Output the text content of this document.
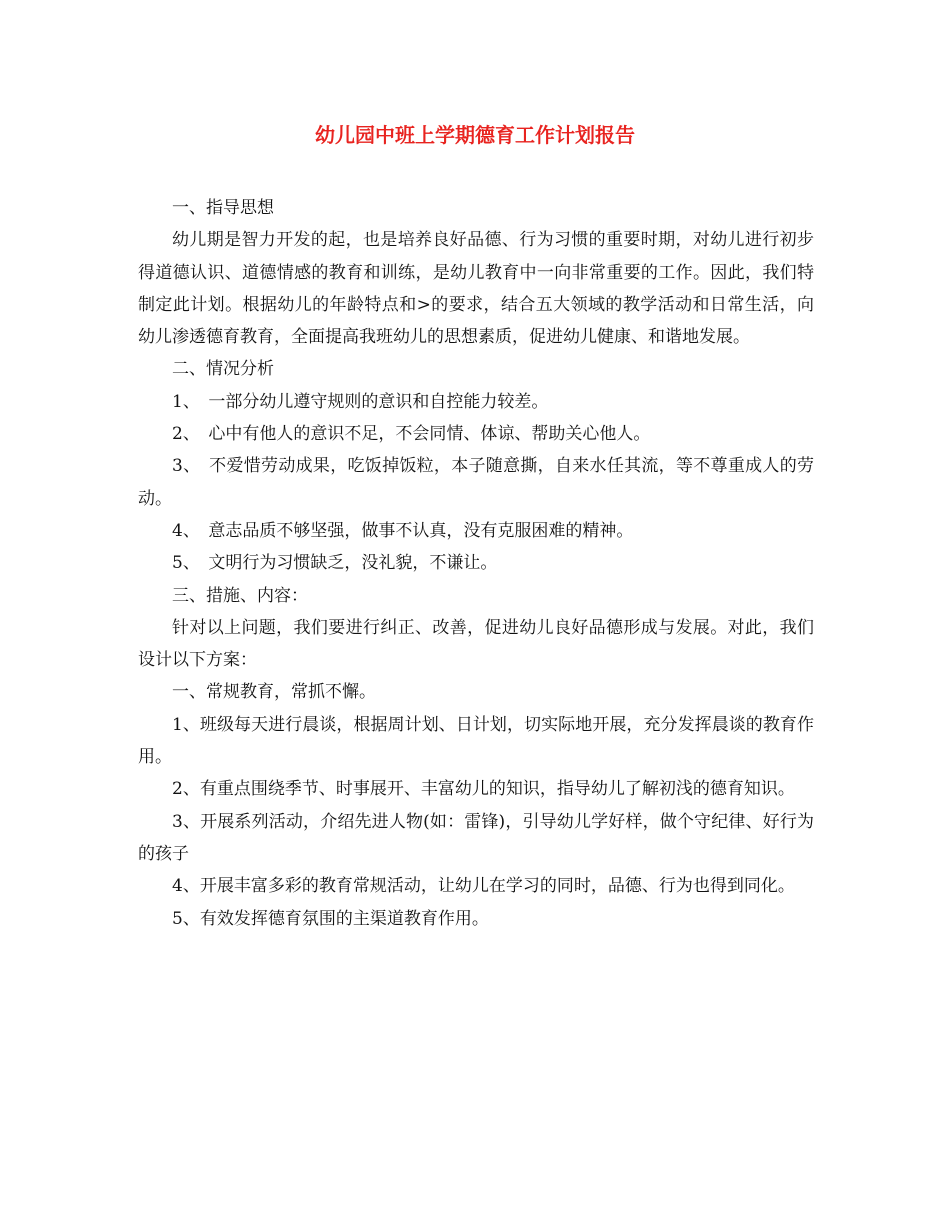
幼儿园中班上学期德育工作计划报告

一、指导思想

幼儿期是智力开发的起，也是培养良好品德、行为习惯的重要时期，对幼儿进行初步得道德认识、道德情感的教育和训练，是幼儿教育中一向非常重要的工作。因此，我们特制定此计划。根据幼儿的年龄特点和>的要求，结合五大领域的教学活动和日常生活，向幼儿渗透德育教育，全面提高我班幼儿的思想素质，促进幼儿健康、和谐地发展。

二、情况分析

1、　一部分幼儿遵守规则的意识和自控能力较差。

2、　心中有他人的意识不足，不会同情、体谅、帮助关心他人。

3、　不爱惜劳动成果，吃饭掉饭粒，本子随意撕，自来水任其流，等不尊重成人的劳动。

4、　意志品质不够坚强，做事不认真，没有克服困难的精神。

5、　文明行为习惯缺乏，没礼貌，不谦让。

三、措施、内容：

针对以上问题，我们要进行纠正、改善，促进幼儿良好品德形成与发展。对此，我们设计以下方案：

一、常规教育，常抓不懈。

1、班级每天进行晨谈，根据周计划、日计划，切实际地开展，充分发挥晨谈的教育作用。

2、有重点围绕季节、时事展开、丰富幼儿的知识，指导幼儿了解初浅的德育知识。

3、开展系列活动，介绍先进人物(如：雷锋)，引导幼儿学好样，做个守纪律、好行为的孩子

4、开展丰富多彩的教育常规活动，让幼儿在学习的同时，品德、行为也得到同化。

5、有效发挥德育氛围的主渠道教育作用。
